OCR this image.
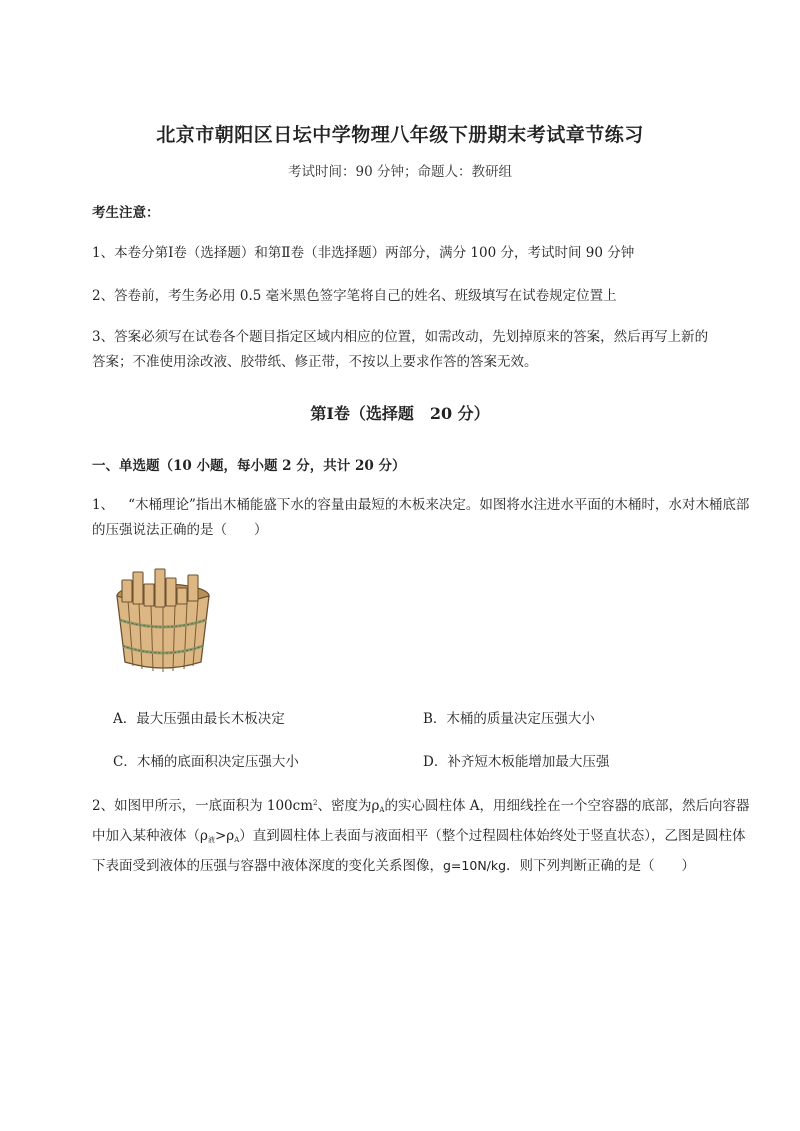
北京市朝阳区日坛中学物理八年级下册期末考试章节练习
考试时间：90 分钟；命题人：教研组
考生注意：
1、本卷分第Ⅰ卷（选择题）和第Ⅱ卷（非选择题）两部分，满分 100 分，考试时间 90 分钟
2、答卷前，考生务必用 0.5 毫米黑色签字笔将自己的姓名、班级填写在试卷规定位置上
3、答案必须写在试卷各个题目指定区域内相应的位置，如需改动，先划掉原来的答案，然后再写上新的答案；不准使用涂改液、胶带纸、修正带，不按以上要求作答的答案无效。
第Ⅰ卷（选择题　20 分）
一、单选题（10 小题，每小题 2 分，共计 20 分）
1、 “木桶理论”指出木桶能盛下水的容量由最短的木板来决定。如图将水注进水平面的木桶时，水对木桶底部的压强说法正确的是（　　）
A．最大压强由最长木板决定	B．木桶的质量决定压强大小
C．木桶的底面积决定压强大小	D．补齐短木板能增加最大压强
2、如图甲所示，一底面积为 $100cm^2$、密度为$\rho_A$的实心圆柱体 A，用细线拴在一个空容器的底部，然后向容器中加入某种液体$(\rho_液>\rho_A)$直到圆柱体上表面与液面相平（整个过程圆柱体始终处于竖直状态），乙图是圆柱体下表面受到液体的压强与容器中液体深度的变化关系图像，g=10N/kg．则下列判断正确的是（　　）
